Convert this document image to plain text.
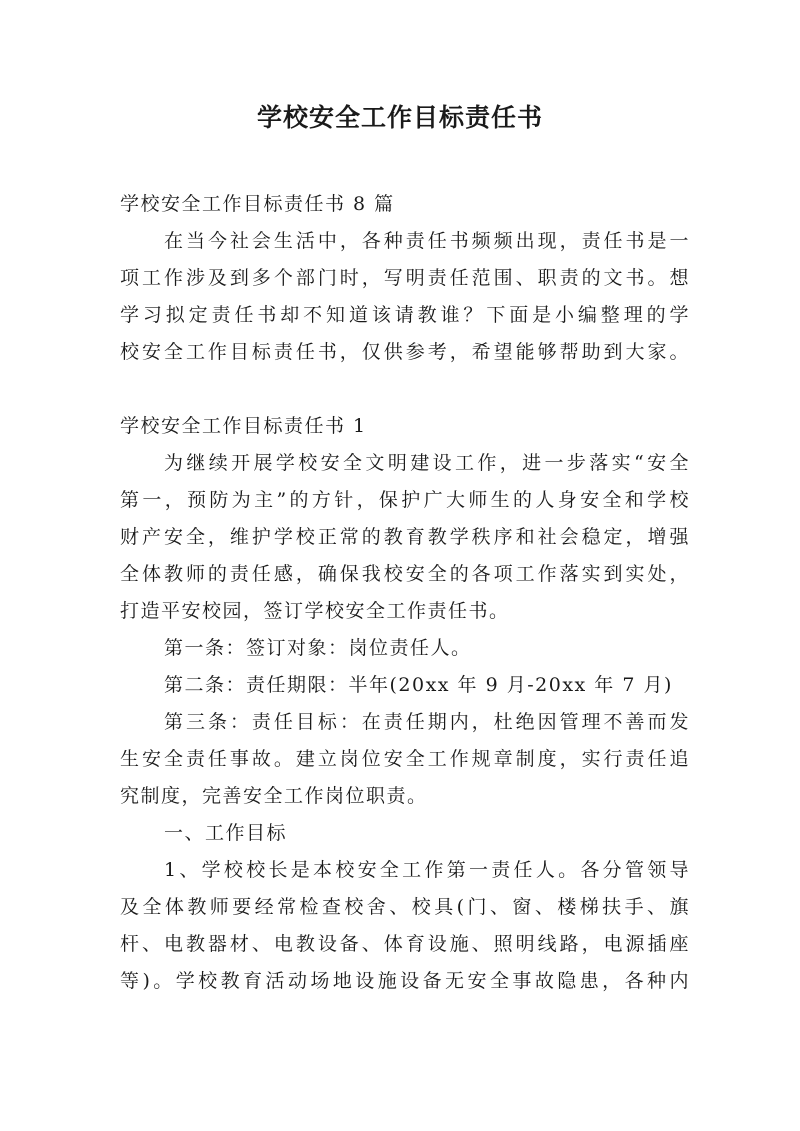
学校安全工作目标责任书
学校安全工作目标责任书 8 篇
在当今社会生活中，各种责任书频频出现，责任书是一
项工作涉及到多个部门时，写明责任范围、职责的文书。想
学习拟定责任书却不知道该请教谁？下面是小编整理的学
校安全工作目标责任书，仅供参考，希望能够帮助到大家。
学校安全工作目标责任书 1
为继续开展学校安全文明建设工作，进一步落实“安全
第一，预防为主”的方针，保护广大师生的人身安全和学校
财产安全，维护学校正常的教育教学秩序和社会稳定，增强
全体教师的责任感，确保我校安全的各项工作落实到实处，
打造平安校园，签订学校安全工作责任书。
第一条：签订对象：岗位责任人。
第二条：责任期限：半年(20xx 年 9 月-20xx 年 7 月)
第三条：责任目标：在责任期内，杜绝因管理不善而发
生安全责任事故。建立岗位安全工作规章制度，实行责任追
究制度，完善安全工作岗位职责。
一、工作目标
1、学校校长是本校安全工作第一责任人。各分管领导
及全体教师要经常检查校舍、校具(门、窗、楼梯扶手、旗
杆、电教器材、电教设备、体育设施、照明线路，电源插座
等)。学校教育活动场地设施设备无安全事故隐患，各种内
